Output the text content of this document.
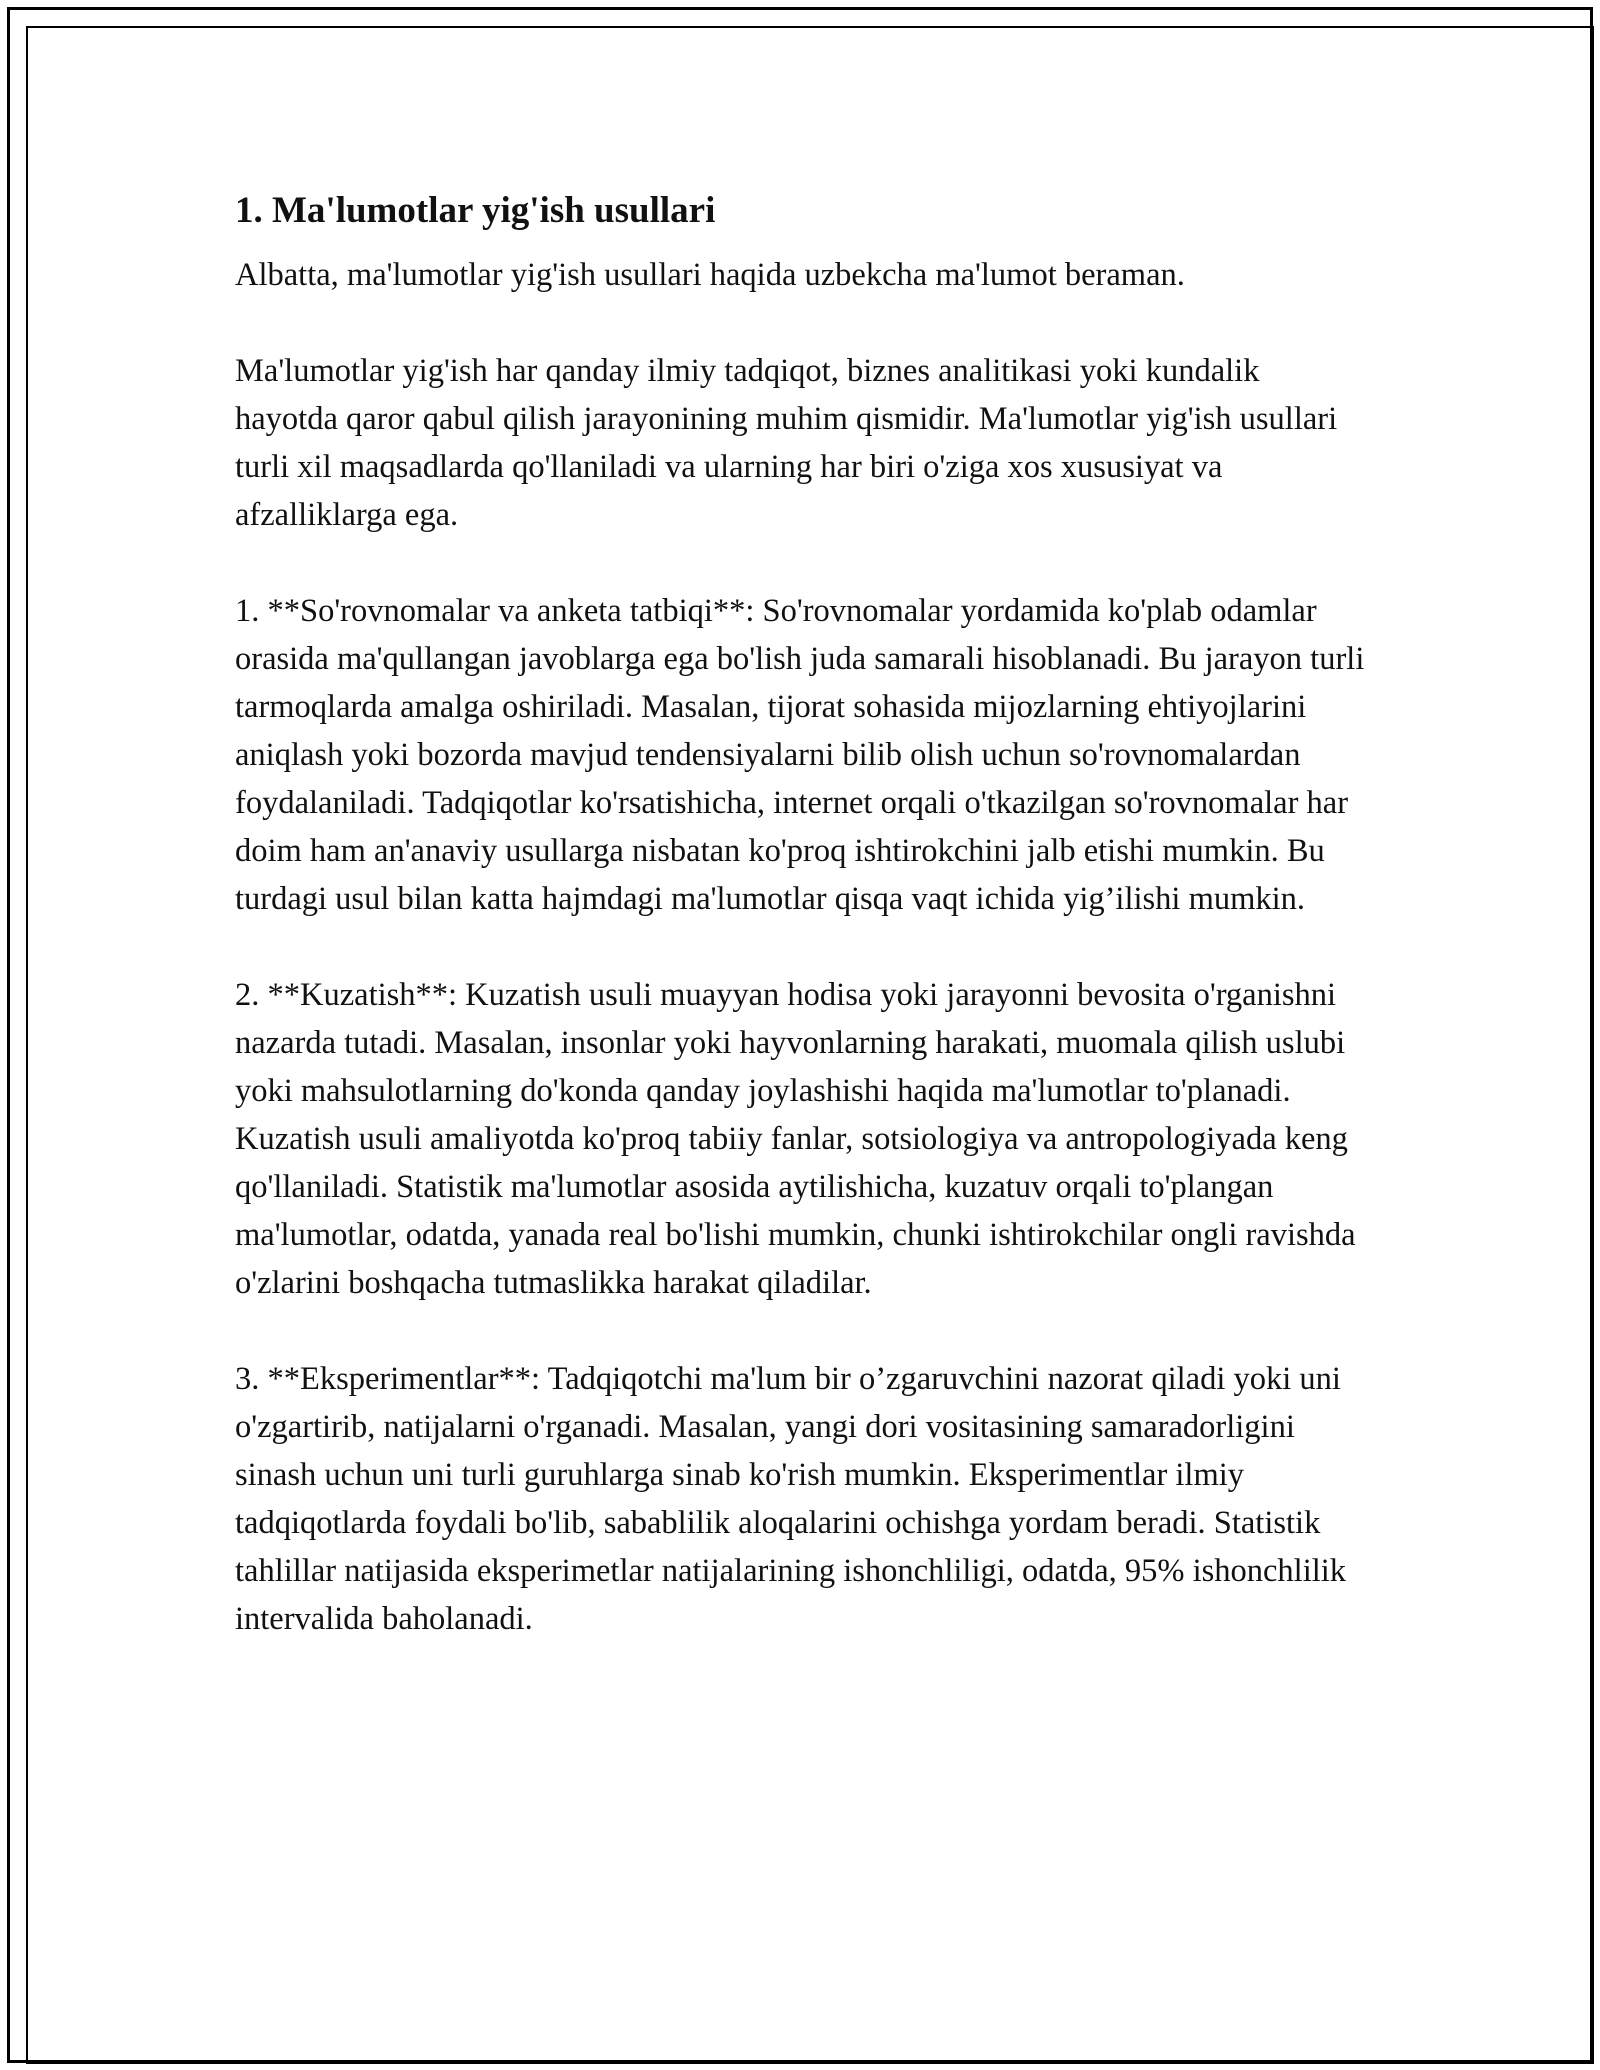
1. Ma'lumotlar yig'ish usullari

Albatta, ma'lumotlar yig'ish usullari haqida uzbekcha ma'lumot beraman.

Ma'lumotlar yig'ish har qanday ilmiy tadqiqot, biznes analitikasi yoki kundalik hayotda qaror qabul qilish jarayonining muhim qismidir. Ma'lumotlar yig'ish usullari turli xil maqsadlarda qo'llaniladi va ularning har biri o'ziga xos xususiyat va afzalliklarga ega.

1. **So'rovnomalar va anketa tatbiqi**: So'rovnomalar yordamida ko'plab odamlar orasida ma'qullangan javoblarga ega bo'lish juda samarali hisoblanadi. Bu jarayon turli tarmoqlarda amalga oshiriladi. Masalan, tijorat sohasida mijozlarning ehtiyojlarini aniqlash yoki bozorda mavjud tendensiyalarni bilib olish uchun so'rovnomalardan foydalaniladi. Tadqiqotlar ko'rsatishicha, internet orqali o'tkazilgan so'rovnomalar har doim ham an'anaviy usullarga nisbatan ko'proq ishtirokchini jalb etishi mumkin. Bu turdagi usul bilan katta hajmdagi ma'lumotlar qisqa vaqt ichida yig’ilishi mumkin.

2. **Kuzatish**: Kuzatish usuli muayyan hodisa yoki jarayonni bevosita o'rganishni nazarda tutadi. Masalan, insonlar yoki hayvonlarning harakati, muomala qilish uslubi yoki mahsulotlarning do'konda qanday joylashishi haqida ma'lumotlar to'planadi. Kuzatish usuli amaliyotda ko'proq tabiiy fanlar, sotsiologiya va antropologiyada keng qo'llaniladi. Statistik ma'lumotlar asosida aytilishicha, kuzatuv orqali to'plangan ma'lumotlar, odatda, yanada real bo'lishi mumkin, chunki ishtirokchilar ongli ravishda o'zlarini boshqacha tutmaslikka harakat qiladilar.

3. **Eksperimentlar**: Tadqiqotchi ma'lum bir o’zgaruvchini nazorat qiladi yoki uni o'zgartirib, natijalarni o'rganadi. Masalan, yangi dori vositasining samaradorligini sinash uchun uni turli guruhlarga sinab ko'rish mumkin. Eksperimentlar ilmiy tadqiqotlarda foydali bo'lib, sabablilik aloqalarini ochishga yordam beradi. Statistik tahlillar natijasida eksperimetlar natijalarining ishonchliligi, odatda, 95% ishonchlilik intervalida baholanadi.
